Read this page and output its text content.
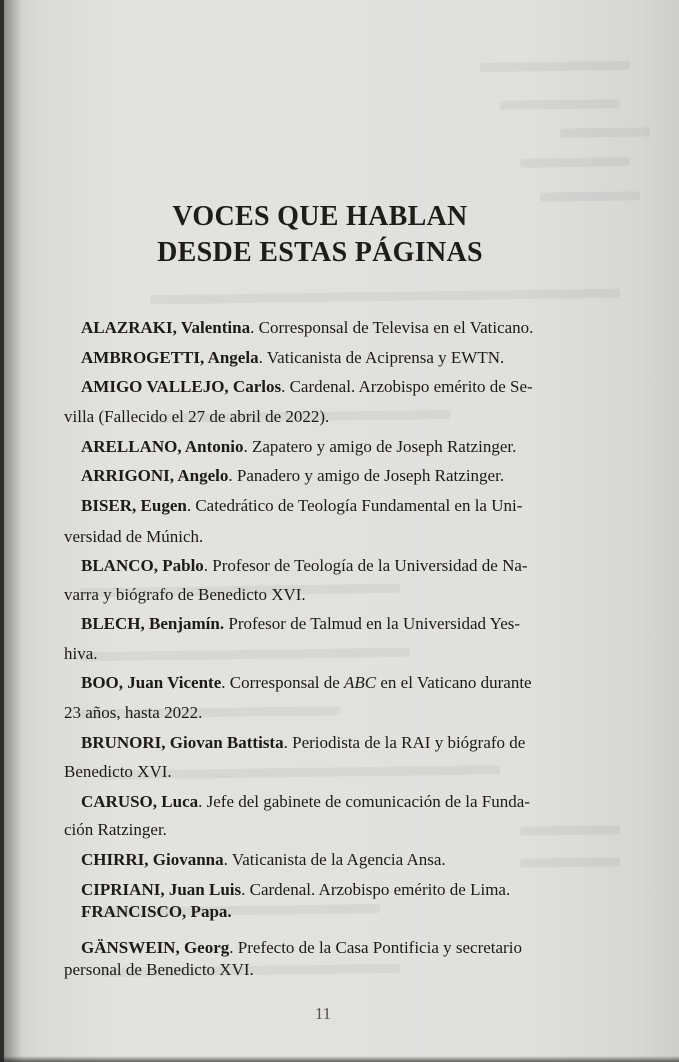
VOCES QUE HABLAN
DESDE ESTAS PÁGINAS
ALAZRAKI, Valentina. Corresponsal de Televisa en el Vaticano.
AMBROGETTI, Angela. Vaticanista de Aciprensa y EWTN.
AMIGO VALLEJO, Carlos. Cardenal. Arzobispo emérito de Se-
villa (Fallecido el 27 de abril de 2022).
ARELLANO, Antonio. Zapatero y amigo de Joseph Ratzinger.
ARRIGONI, Angelo. Panadero y amigo de Joseph Ratzinger.
BISER, Eugen. Catedrático de Teología Fundamental en la Uni-
versidad de Múnich.
BLANCO, Pablo. Profesor de Teología de la Universidad de Na-
varra y biógrafo de Benedicto XVI.
BLECH, Benjamín. Profesor de Talmud en la Universidad Yes-
hiva.
BOO, Juan Vicente. Corresponsal de ABC en el Vaticano durante
23 años, hasta 2022.
BRUNORI, Giovan Battista. Periodista de la RAI y biógrafo de
Benedicto XVI.
CARUSO, Luca. Jefe del gabinete de comunicación de la Funda-
ción Ratzinger.
CHIRRI, Giovanna. Vaticanista de la Agencia Ansa.
CIPRIANI, Juan Luis. Cardenal. Arzobispo emérito de Lima.
FRANCISCO, Papa.
GÄNSWEIN, Georg. Prefecto de la Casa Pontificia y secretario
personal de Benedicto XVI.
11
